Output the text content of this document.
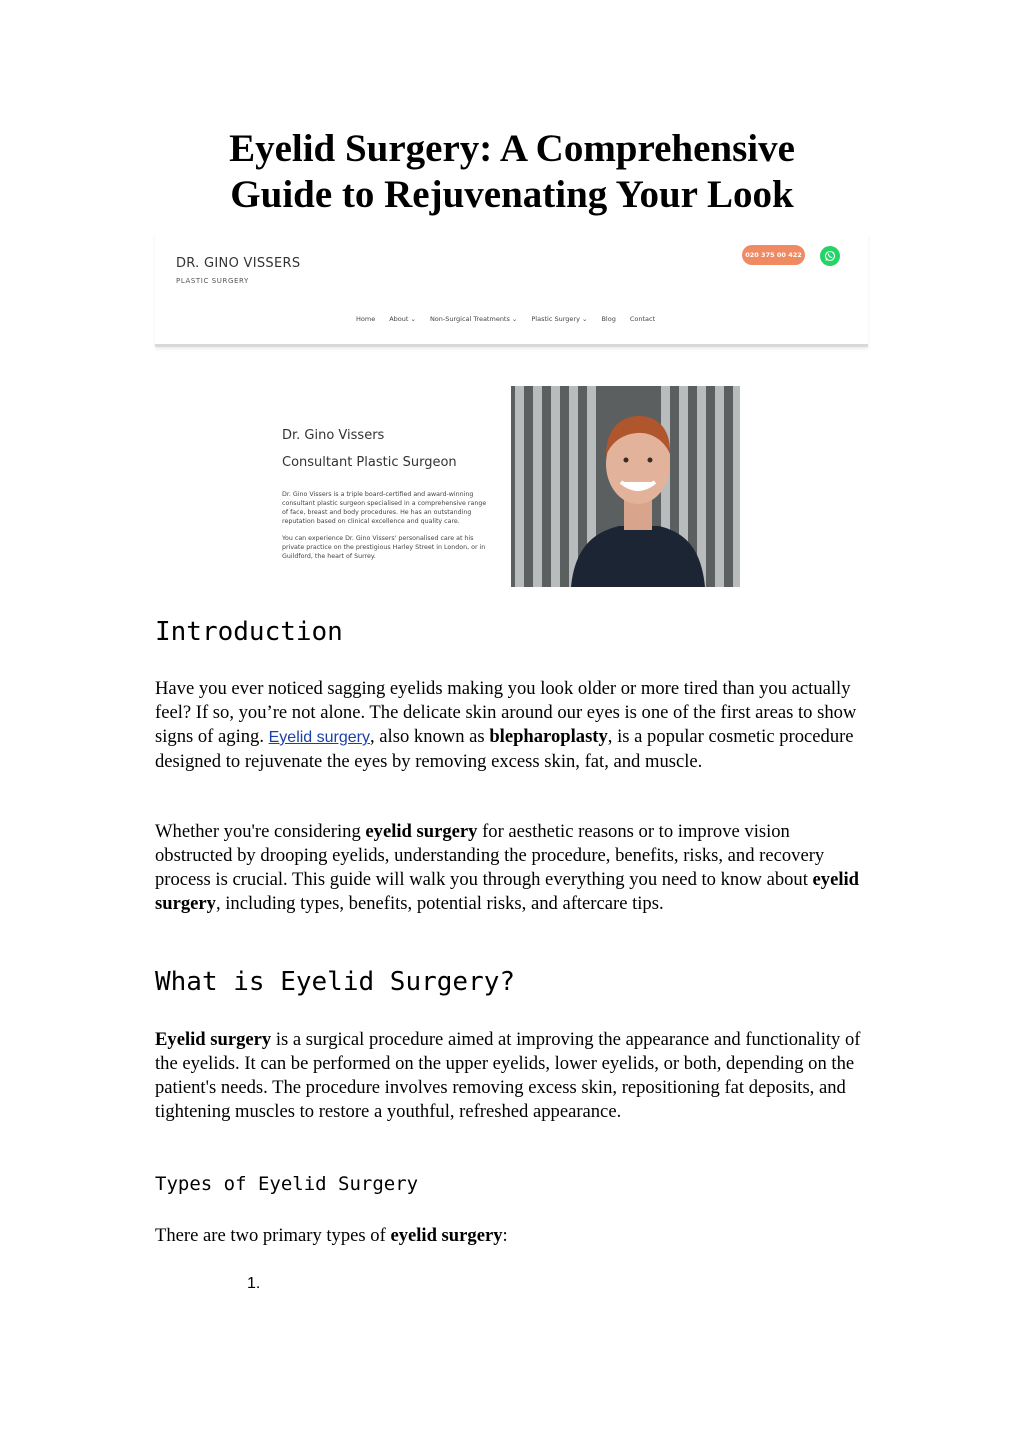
Eyelid Surgery: A Comprehensive
Guide to Rejuvenating Your Look
DR. GINO VISSERS
PLASTIC SURGERY
020 375 00 422
Home About ⌄ Non-Surgical Treatments ⌄ Plastic Surgery ⌄ Blog Contact
Dr. Gino Vissers
Consultant Plastic Surgeon

Dr. Gino Vissers is a triple board-certified and award-winning consultant plastic surgeon specialised in a comprehensive range of face, breast and body procedures. He has an outstanding reputation based on clinical excellence and quality care.

You can experience Dr. Gino Vissers' personalised care at his private practice on the prestigious Harley Street in London, or in Guildford, the heart of Surrey.

Introduction

Have you ever noticed sagging eyelids making you look older or more tired than you actually feel? If so, you’re not alone. The delicate skin around our eyes is one of the first areas to show signs of aging. Eyelid surgery, also known as blepharoplasty, is a popular cosmetic procedure designed to rejuvenate the eyes by removing excess skin, fat, and muscle.

Whether you're considering eyelid surgery for aesthetic reasons or to improve vision obstructed by drooping eyelids, understanding the procedure, benefits, risks, and recovery process is crucial. This guide will walk you through everything you need to know about eyelid surgery, including types, benefits, potential risks, and aftercare tips.

What is Eyelid Surgery?

Eyelid surgery is a surgical procedure aimed at improving the appearance and functionality of the eyelids. It can be performed on the upper eyelids, lower eyelids, or both, depending on the patient's needs. The procedure involves removing excess skin, repositioning fat deposits, and tightening muscles to restore a youthful, refreshed appearance.

Types of Eyelid Surgery

There are two primary types of eyelid surgery:

1.
